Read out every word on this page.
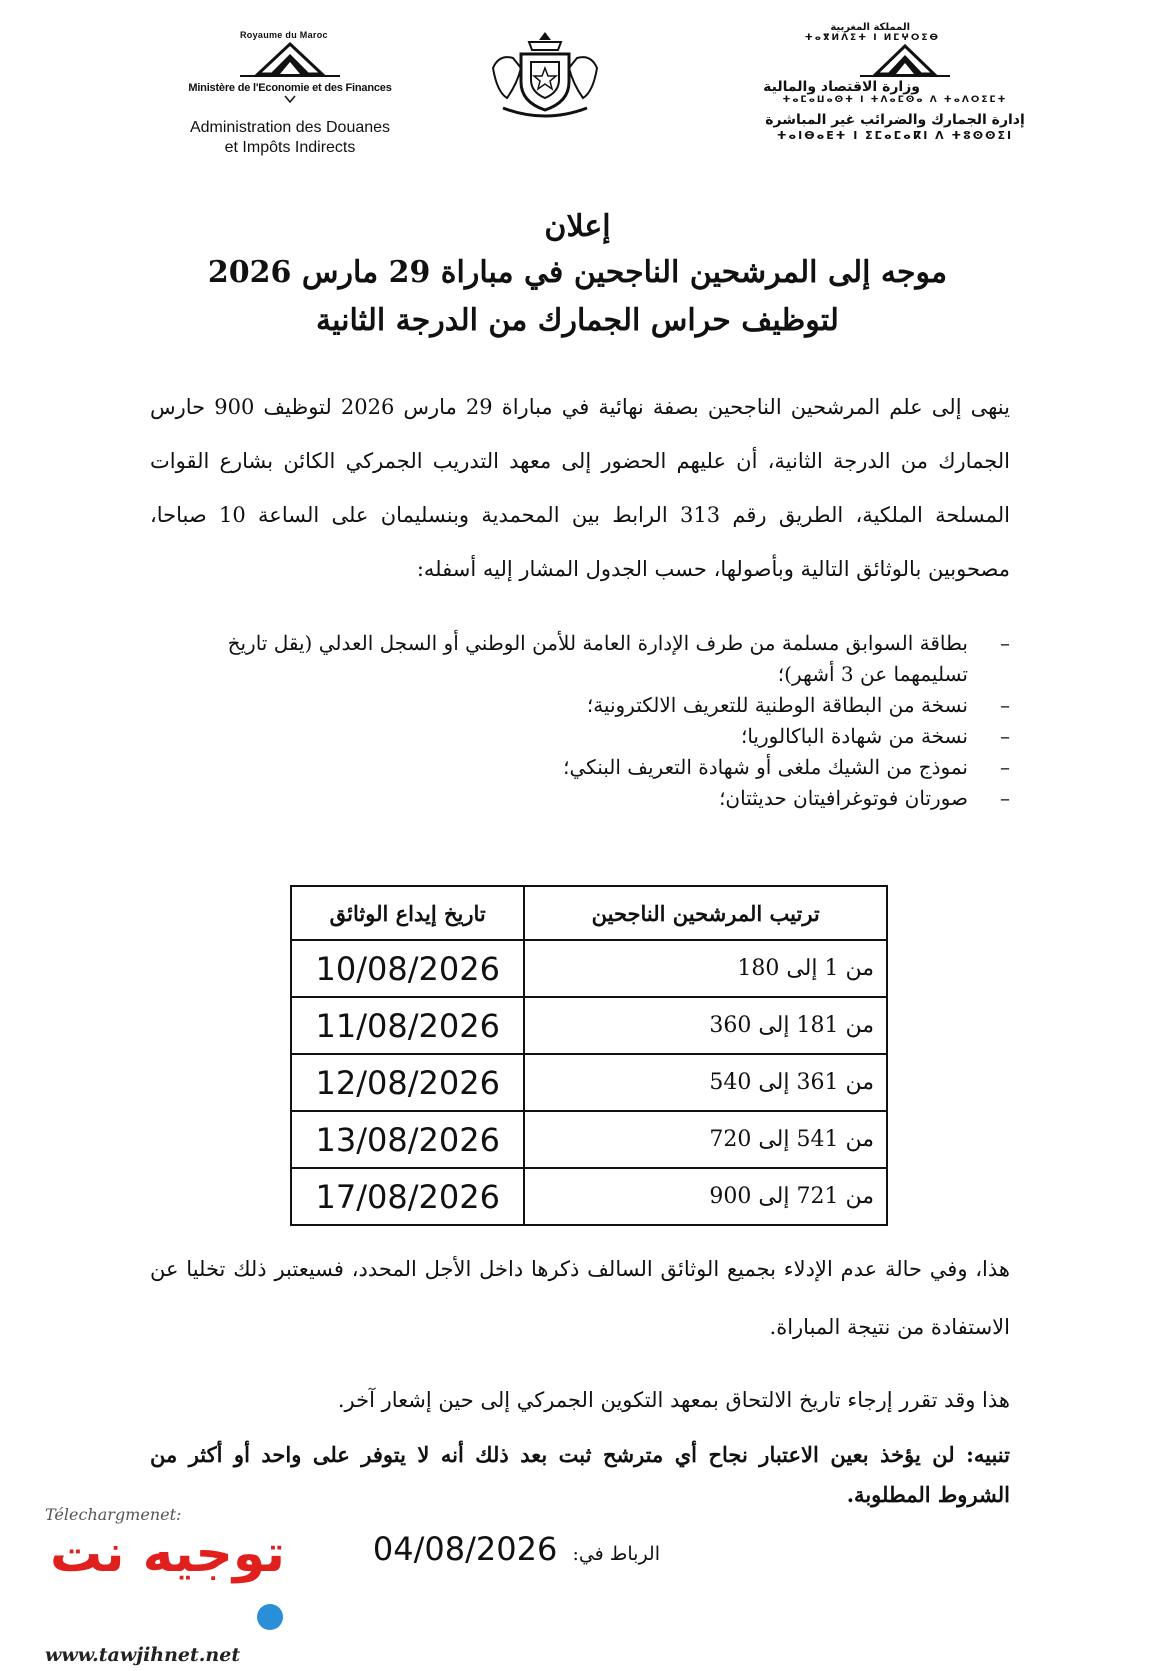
Royaume du Maroc
Ministère de l'Economie et des Finances
Administration des Douanes
et Impôts Indirects
المملكة المغربية
ⵜⴰⴳⵍⴷⵉⵜ ⵏ ⵍⵎⵖⵔⵉⴱ
وزارة الاقتصاد والمالية
ⵜⴰⵎⴰⵡⴰⵙⵜ ⵏ ⵜⴷⴰⵎⵙⴰ ⴷ ⵜⴰⴷⵔⵉⵎⵜ
إدارة الجمارك والضرائب غير المباشرة
ⵜⴰⵏⴱⴰⴹⵜ ⵏ ⵉⵎⴰⵎⴰⴽⵏ ⴷ ⵜⵓⵙⵙⵉⵏ
إعلان
موجه إلى المرشحين الناجحين في مباراة 29 مارس 2026
لتوظيف حراس الجمارك من الدرجة الثانية
ينهى إلى علم المرشحين الناجحين بصفة نهائية في مباراة 29 مارس 2026 لتوظيف 900 حارس الجمارك من الدرجة الثانية، أن عليهم الحضور إلى معهد التدريب الجمركي الكائن بشارع القوات المسلحة الملكية، الطريق رقم 313 الرابط بين المحمدية وبنسليمان على الساعة 10 صباحا، مصحوبين بالوثائق التالية وبأصولها، حسب الجدول المشار إليه أسفله:
–
بطاقة السوابق مسلمة من طرف الإدارة العامة للأمن الوطني أو السجل العدلي (يقل تاريخ تسليمهما عن 3 أشهر)؛
–
نسخة من البطاقة الوطنية للتعريف الالكترونية؛
–
نسخة من شهادة الباكالوريا؛
–
نموذج من الشيك ملغى أو شهادة التعريف البنكي؛
–
صورتان فوتوغرافيتان حديثتان؛
ترتيب المرشحين الناجحين	تاريخ إيداع الوثائق
من 1 إلى 180	10/08/2026
من 181 إلى 360	11/08/2026
من 361 إلى 540	12/08/2026
من 541 إلى 720	13/08/2026
من 721 إلى 900	17/08/2026
هذا، وفي حالة عدم الإدلاء بجميع الوثائق السالف ذكرها داخل الأجل المحدد، فسيعتبر ذلك تخليا عن الاستفادة من نتيجة المباراة.
هذا وقد تقرر إرجاء تاريخ الالتحاق بمعهد التكوين الجمركي إلى حين إشعار آخر.
تنبيه: لن يؤخذ بعين الاعتبار نجاح أي مترشح ثبت بعد ذلك أنه لا يتوفر على واحد أو أكثر من الشروط المطلوبة.
الرباط في: 04/08/2026
Télechargmenet:
توجيه نت
www.tawjihnet.net
